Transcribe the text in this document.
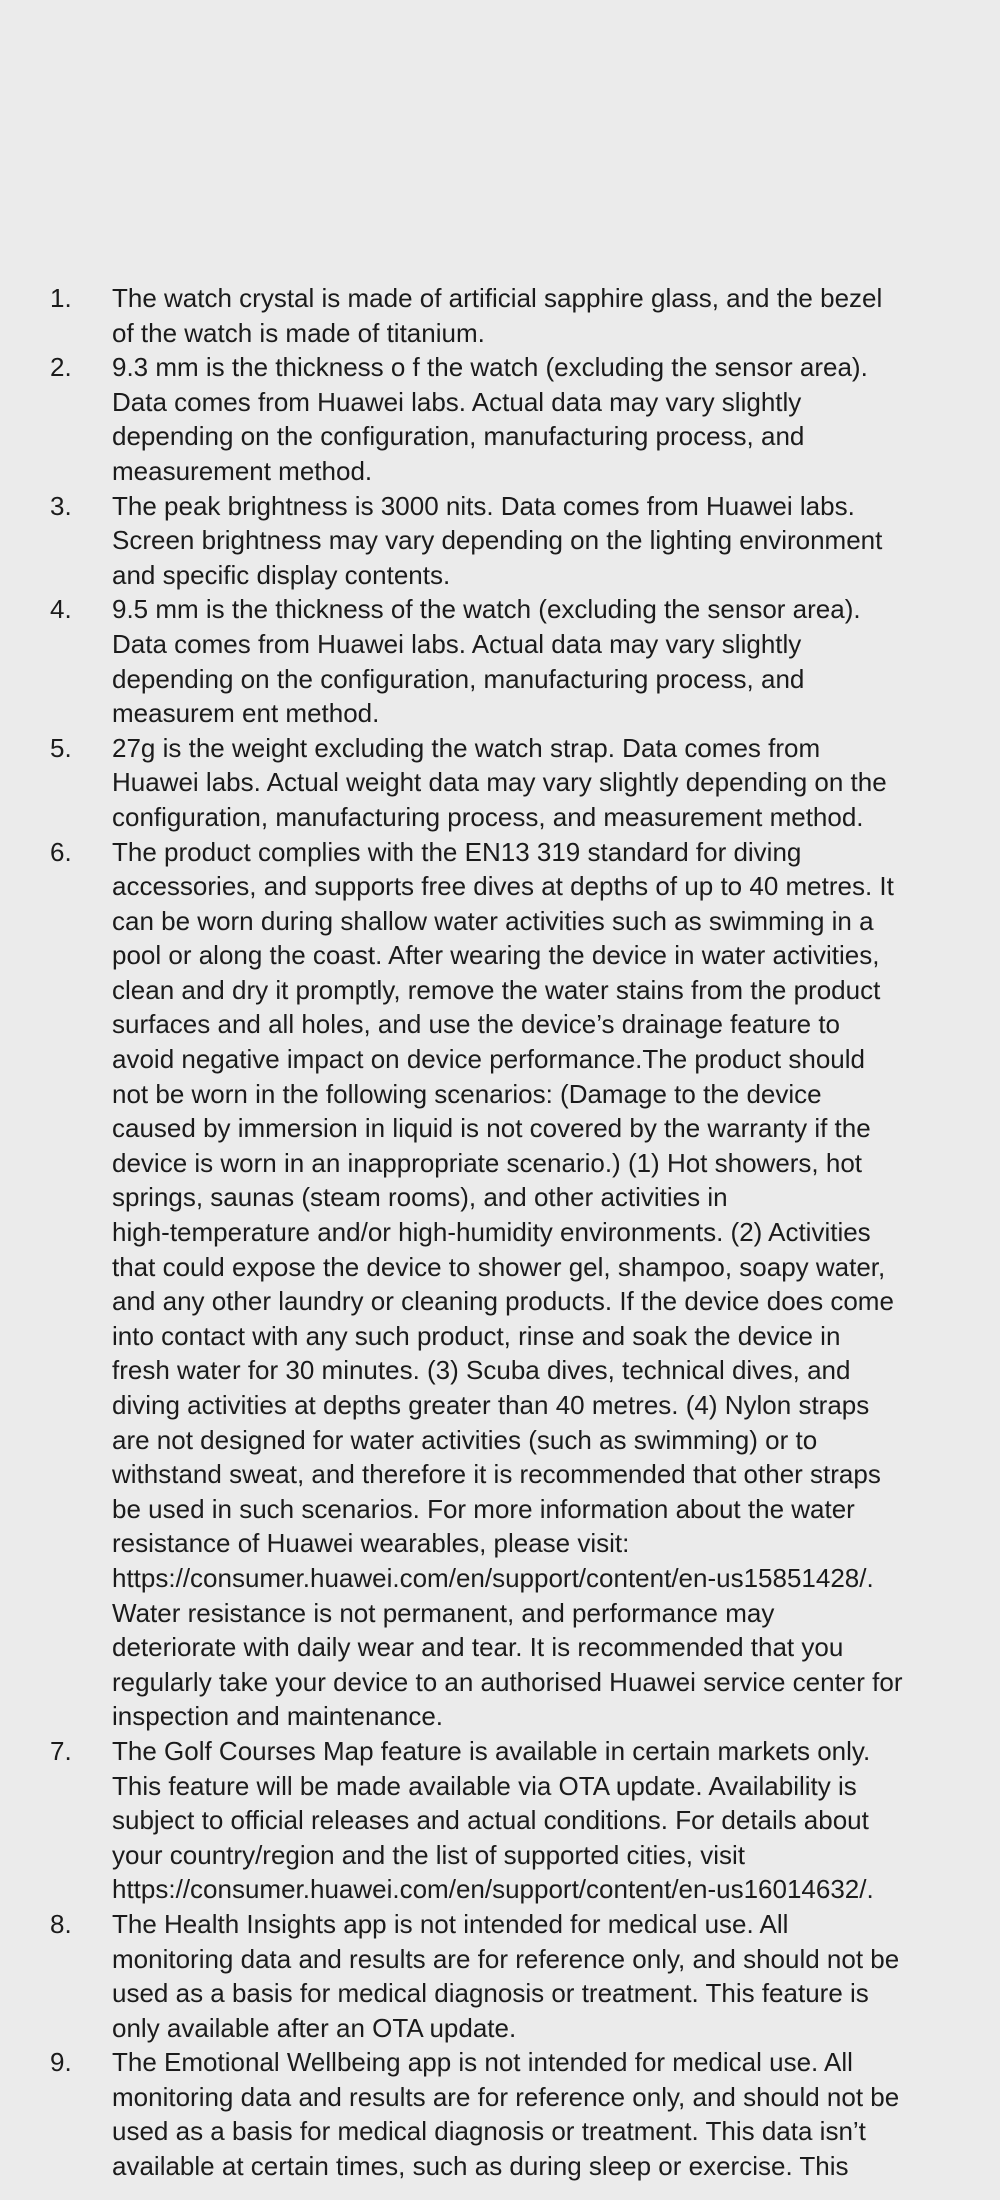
1.	The watch crystal is made of artificial sapphire glass, and the bezel
of the watch is made of titanium.
2.	9.3 mm is the thickness o f the watch (excluding the sensor area).
Data comes from Huawei labs. Actual data may vary slightly
depending on the configuration, manufacturing process, and
measurement method.
3.	The peak brightness is 3000 nits. Data comes from Huawei labs.
Screen brightness may vary depending on the lighting environment
and specific display contents.
4.	9.5 mm is the thickness of the watch (excluding the sensor area).
Data comes from Huawei labs. Actual data may vary slightly
depending on the configuration, manufacturing process, and
measurem ent method.
5.	27g is the weight excluding the watch strap. Data comes from
Huawei labs. Actual weight data may vary slightly depending on the
configuration, manufacturing process, and measurement method.
6.	The product complies with the EN13 319 standard for diving
accessories, and supports free dives at depths of up to 40 metres. It
can be worn during shallow water activities such as swimming in a
pool or along the coast. After wearing the device in water activities,
clean and dry it promptly, remove the water stains from the product
surfaces and all holes, and use the device’s drainage feature to
avoid negative impact on device performance.The product should
not be worn in the following scenarios: (Damage to the device
caused by immersion in liquid is not covered by the warranty if the
device is worn in an inappropriate scenario.) (1) Hot showers, hot
springs, saunas (steam rooms), and other activities in
high-temperature and/or high-humidity environments. (2) Activities
that could expose the device to shower gel, shampoo, soapy water,
and any other laundry or cleaning products. If the device does come
into contact with any such product, rinse and soak the device in
fresh water for 30 minutes. (3) Scuba dives, technical dives, and
diving activities at depths greater than 40 metres. (4) Nylon straps
are not designed for water activities (such as swimming) or to
withstand sweat, and therefore it is recommended that other straps
be used in such scenarios. For more information about the water
resistance of Huawei wearables, please visit:
https://consumer.huawei.com/en/support/content/en-us15851428/.
Water resistance is not permanent, and performance may
deteriorate with daily wear and tear. It is recommended that you
regularly take your device to an authorised Huawei service center for
inspection and maintenance.
7.	The Golf Courses Map feature is available in certain markets only.
This feature will be made available via OTA update. Availability is
subject to official releases and actual conditions. For details about
your country/region and the list of supported cities, visit
https://consumer.huawei.com/en/support/content/en-us16014632/.
8.	The Health Insights app is not intended for medical use. All
monitoring data and results are for reference only, and should not be
used as a basis for medical diagnosis or treatment. This feature is
only available after an OTA update.
9.	The Emotional Wellbeing app is not intended for medical use. All
monitoring data and results are for reference only, and should not be
used as a basis for medical diagnosis or treatment. This data isn’t
available at certain times, such as during sleep or exercise. This
